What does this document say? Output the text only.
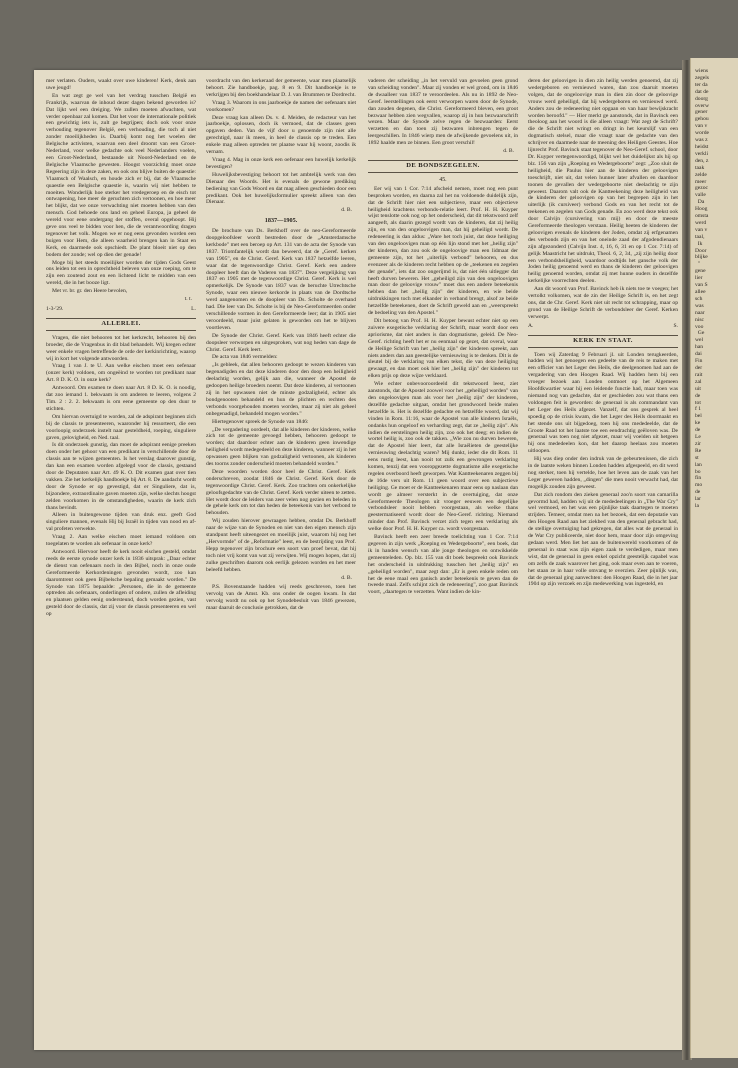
mer verlaten. Ouders, waakt over uwe kinderen! Kerk, denk aan uwe jeugd!

En wat zegt ge wel van het verdrag tusschen België en Frankrijk, waarvan de inhoud dezer dagen bekend geworden is? Dat lijkt wel een dreiging. We zullen moeten afwachten, wat verder openbaar zal komen. Dat het voor de internationale politiek een gewichtig iets is, zult ge begrijpen; doch ook voor onze verhouding tegenover België, een verhouding, die toch al niet zonder moeilijkheden is. Daarbij komt nog het woelen der Belgische activisten, waarvan een deel droomt van een Groot-Nederland, voor welke gedachte ook veel Nederlanders voelen, een Groot-Nederland, bestaande uit Noord-Nederland en de Belgische Vlaamsche gewesten. Hoogst voorzichtig moet onze Regeering zijn in deze zaken, en ook ons blijve buiten de quaestie: Vlaamsch of Waalsch, en houde zich er bij, dat de Vlaamsche quaestie een Belgische quaestie is, waarin wij niet hebben te moeiten. Wonderlijk hoe sterker het vredegeroep en de eisch tot ontwapening, hoe meer de geruchten zich vertoonen, en hoe meer het blijkt, dat we onze verwachting niet moeten hebben van den mensch. God behoede ons land en geheel Europa, ja geheel de wereld voor eene ondergang der stoffen, overal opgehoopt. Hij geve ons veel te bidden voor hen, die de verantwoording dragen tegenover het volk. Mogen we er nog eens gevonden worden een buigen voor Hem, die alleen waarheid brengen kan in Staat en Kerk, en daarmede ook opschiedt. De plant bloeit niet op den bodem der zonde; wel op dien der genade!

Moge bij het steeds moeilijker worden der tijden Gods Geest ons leiden tot een in oprechtheid beleven van onze roeping, om te zijn een zoutend zout en een lichtend licht te midden van een wereld, die in het booze ligt.

Met vr. br. gr. den Heere bevolen,

t. t.
1-3-'29.	L.
ALLERLEI.

Vragen, die niet behooren tot het kerkrecht, behooren bij den broeder, die de Vragenbus in dit blad behandelt. Wij kregen echter weer enkele vragen betreffende de orde der kerkinrichting, waarop wij in kort het volgende antwoorden.

Vraag 1 van J. te U. Aan welke eischen moet een oefenaar (onzer kerk) voldoen, om ongeëind te worden tot predikant naar Art. 8 D. K. O. in onze kerk?

Antwoord. Om examen te doen naar Art. 8 D. K. O. is noodig, dat zoo iemand 1. bekwaam is om anderen te leeren, volgens 2 Tim. 2 : 2. 2. bekwaam is om eene gemeente op den duur te stichten.

Om hiervan overtuigd te worden, zal de adspirant beginnen zich bij de classis te presenteeren, waaronder hij ressorteert, die een voorloopig onderzoek instelt naar gesteldheid, roeping, singuliere gaven, gelovigheid, en Ned. taal.

Is dit onderzoek gunstig, dan moet de adspirant eenige preeken doen onder het gehoor van een predikant in verschillende door de classis aan te wijzen gemeenten. Is het verslag daarover gunstig, dan kan een examen worden afgelegd voor de classis, gestaand door de Deputaten naar Art. 49 K. O. Dit examen gaat over tien vakken. Zie het kerkelijk handboekje bij Art. 8. De aandacht wordt door de Synode er op gevestigd, dat er Singuliere, dat is, bijzondere, extraordinaire gaven moeten zijn, welke slechts hoogst zelden voorkomen in de omstandigheden, waarin de kerk zich thans bevindt.

Alleen in buitengewone tijden van druk enz. geeft God singuliere mannen, evenals Hij bij Israël in tijden van nood en af-val profeten verwekte.

Vraag 2. Aan welke eischen moet iemand voldoen om toegelaten te worden als oefenaar in onze kerk?

Antwoord. Hiervoor heeft de kerk nooit eischen gesteld, omdat reeds de eerste synode onzer kerk in 1836 uitsprak: „Daar echter de dienst van oefenaars noch in den Bijbel, noch in onze oude Gereformeerde Kerkordeningen gevonden wordt, zoo kan daaromtrent ook geen Bijbelsche bepaling gemaakt worden." De Synode van 1875 bepaalde: „Personen, die in de gemeente optreden als oefenaars, onderlingen of ondere, zullen de afleiding en plaatsen gelden eenig ondersteund, doch worden gezien, vast gesteld door de classis, dat zij voor de classis presenteeren en wel op

voordracht van den kerkeraad der gemeente, waar men plaatselijk behoort. Zie handboekje, pag. 8 en 9. Dit handboekje is te verkrijgen bij den boekhandelaar D. J. van Brummen te Dordrecht.

Vraag 3. Waarom in ons jaarboekje de namen der oefenaars niet voorkomen?

Deze vraag kan alleen Ds. v. d. Meiden, de redacteur van het jaarboekje, oplossen, doch ik vermoed, dat de classes geen opgaven deden. Van de vijf door u genoemde zijn niet alle gerechtigd, naar ik meen, in heel de classis op te treden. Een enkele mag alleen optreden ter plaatse waar hij woont, zoodis ik vernam.

Vraag 4. Mag in onze kerk een oefenaar een huwelijk kerkelijk bevestigen?

Huwelijksbevestiging behoort tot het ambtelijk werk van den Dienaar des Woords. Het is evenals de gewone prediking bediening van Gods Woord en dat mag alleen geschieden door een predikant. Ook het huwelijksformulier spreekt alleen van den Dienaar.

d. B.
1837—1905.

De brochure van Ds. Berkhoff over de neo-Gereformeerde doopgeloofsleer wordt bestreden door de „Amsterdamsche kerkbode" met een beroep op Art. 131 van de acta der Synode van 1837. Triomfantelijk wordt dan beweerd, dat de „Geref. kerken van 1905", en de Christ. Geref. Kerk van 1837 hetzelfde leeren, waar dat de tegenwoordige Christ. Geref. Kerk een andere doopleer heeft dan de Vaderen van 1837". Deze vergelijking van 1837 en 1905 met de tegenwoordige Christ. Geref. Kerk is wel opmerkelijk. De Synode van 1837 was de beruchte Utrechtsche Synode, waar een nieuwe kerkorde in plaats van de Dordtsche werd aangenomen en de doopleer van Ds. Scholte de overhand had. Die leer van Ds. Scholte is bij de Neo-Gereformeerden onder verschillende vormen in den Gereformeerde leer; dat in 1905 niet veroordeeld, maar juist gelaten is geworden om het te blijven voortleven.

De Synode der Christ. Geref. Kerk van 1846 heeft echter die doopsleer verworpen en uitgesproken, wat nog heden van dage de Christ. Geref. Kerk leert.

De acta van 1846 vermelden:

„Is gebleek, dat allen behooren gedoopt te wezen kinderen van begenadigden en dat deze kinderen door den doop een heiligheid deelachtig worden, gelijk aan die, wanneer de Apostel de gedoopen heilige broeders noemt. Dat deze kinderen, al vertoonen zij in het opwassen niet de minste godzaligheid, echter als bondgenooten behandeld en hun de plichten en rechten des verbonds voorgehouden moeten worden, maar zij niet als geheel onbegenadigd, behandeld mogen worden."

Hiertegenover spreek de Synode van 1846:

„De vergadering oordeelt, dat alle kinderen der kinderen, welke zich tot de gemeente gevoegd hebben, behooren gedoopt te worden; dat daardoor echter aan de kinderen geen inwendige heiligheid wordt medegedeeld en deze kinderen, wanneer zij in het opwassen geen blijken van godzaligheid vertoonen, als kinderen des toorns zonder onderscheid moeten behandeld worden."

Deze woorden worden door heel de Christ. Geref. Kerk onderschreven, zoodat 1846 de Christ. Geref. Kerk door de tegenwoordige Christ. Geref. Kerk. Zoo trachten om onkerkelijke geloofsgedachte van de Christ. Geref. Kerk verder uiteen te zetten. Het wordt door de leiders van zeer velen nog gezien en beleden in de gehele kerk om tot dan heden de beteekenis van het verbond te behouden.

Wij zouden hierover gewraagen hebben, omdat Ds. Berkhoff naar de wijze van de Synoden en niet van den eigen mensch zijn standpunt heeft uiteengezet en moeilijk juist, waarom hij nog het „Hervormde" of de „Reformatie" leest, en de bestrijding van Prof. Hepp tegenover zijn brochure een soort van proef bevat, dat hij toch niet vrij komt van wat zij verwijten. Wij mogen hopen, dat zij zulke geschriften daarom ook eerlijk gelezen worden en het meer beleefd hebben.

d. B.

P.S. Bovenstaande hadden wij reeds geschreven, toen het vervolg van de Amst. Kb. ons onder de oogen kwam. In dat vervolg wordt nu ook op het Synodebesluit van 1846 gewezen, maar daaruit de conclusie getrokken, dat de

vaderen der scheiding „in het vervuld van gevoelen geen grond van scheiding vonden". Maar zij vonden er wel grond, om in 1846 de dwaalleer van 1837 te veroordeelen. Als nu in 1892 de Neo-Geref. leerstellingen ook eerst verworpen waren door de Synode, dan zouden degenen, die Christ. Gereformeerd bleven, een groot bezwaar hebben zien wegvallen, waarop zij in hun bezwaarschrift wezen. Maar de Synode zelve regen de bezwaarden: Eerst verzetten en dan toen zij bezwaren inbrengen tegen de leergeschillen. In 1846 wierp men de afwijkende gevoelens uit, in 1892 haalde men ze binnen. Een groot verschil!

d. B.
DE BONDSZEGELEN.
45.

Eer wij van 1 Cor. 7:14 afscheid nemen, moet nog een punt besproken worden, en daarna zal het nu voldoende duidelijk zijn, dat de Schrift hier niet een subjectieve, maar een objectieve heiligheid krachtens verbonds-relatie leert. Prof. H. H. Kuyper wijst tenslotte ook nog op het onderscheid, dat dit tekstwoord zelf aangeeft, als daarin gezegd wordt van de kinderen, dat zij heilig zijn, en van den ongeloovigen man, dat hij geheiligd wordt. De redeneering is dan aldus: „Ware het toch juist, dat deze heiliging van den ongeloovigen man op één lijn stond met het „heilig zijn" der kinderen, dan zou ook de ongeloovige man een lidmaat der gemeente zijn, tot het „uiterlijk verbond" behooren, en dus evenzeer als de kinderen recht hebben op de „teekenen en zegelen der genade", iets dat zoo ongerijmd is, dat niet één uitlegger dat heeft durven beweren. Het „geheiligd zijn van den ongeloovigen man door de geloovige vrouw" moet dus een andere beteekenis hebben dan het „heilig zijn" der kinderen, en wie beide uitdrukkingen toch met elkander in verband brengt, alsof ze beide hetzelfde beteekenen, doet de Schrift geweld aan en „weerspreekt de bedoeling van den Apostel."

Dit betoog van Prof. H. H. Kuyper bewust echter niet op een zuivere exegetische verklaring der Schrift, maar wordt door een apriorisme, dat niet anders is dan dogmatisme, geleid. De Neo-Geref. richting heeft het er nu eenmaal op gezet, dat overal, waar de Heilige Schrift van het „heilig zijn" der kinderen spreekt, aan niets anders dan aan geestelijke vernieuwing is te denken. Dit is de sleutel bij de verklaring van elken tekst, die van deze heiliging gewaagt, en dan moet ook hier het „heilig zijn" der kinderen tot elken prijs op deze wijze verklaard.

Wie echter onbevooroordeeld dit tekstwoord leest, ziet aanstonds, dat de Apostel zoowel voor het „geheiligd worden" van den ongeloovigen man als voor het „heilig zijn" der kinderen, dezelfde gedachte uitgaat, omdat het grondwoord beide malen hetzelfde is. Het is dezelfde gedachte en hetzelfde woord, dat wij vinden in Rom. 11:16, waar de Apostel van alle kinderen Israëls, ondanks hun ongeloof en verharding zegt, dat ze „heilig zijn". Als indien de eerstelingen heilig zijn, zoo ook het deeg; en indien de wortel heilig is, zoo ook de takken. „Wie zou nu durven beweren, dat de Apostel hier leert, dat alle Israëlieten de geestelijke vernieuwing deelachtig waren? Mij dunkt, ieder die dit Rom. 11 eens rustig leest, kan nooit tot zulk een gewrongen verklaring komen, tenzij dat een vooropgezette dogmatisme alle exegetische regelen overboord heeft geworpen. Wat Kantteekenaren zeggen bij de 16de vers uit Rom. 11 geen woord over een subjectieve heiliging. Ge moet er de Kantteekenaren maar eens op naslaan dan wordt ge almeer versterkt in de overtuiging, dat onze Gereformeerde Theologen uit vroeger eeuwen een degelijke verbondsleer nooit hebben voorgestaan, als welke thans geestermatiseerd wordt door de Neo-Geref. richting. Niemand minder dan Prof. Bavinck verzet zich tegen een verklaring als welke door Prof. H. H. Kuyper ca. wordt voorgestaan.

Bavinck heeft een zeer breede toelichting van 1 Cor. 7:14 gegeven in zijn werk „Roeping en Wedergeboorte", een boek, dat ik in handen wensch van alle jonge theologen en ontwikkelde gemeenteleden. Op. blz. 155 van dit boek bespreekt ook Bavinck het onderscheid in uitdrukking tusschen het „heilig zijn" en „geheiligd worden", maar zegt dan: „Er is geen enkele reden om het de eene maal een ganisch ander beteekenis te geven dan de tweede maal. Zelfs schijnt zich de redeneering", zoo gaat Bavinck voort, „daartegen te verzetten. Want indien de kin-

deren der geloovigen in dien zin heilig werden genoemd, dat zij wedergeboren en vernieuwd waren, dan zou daaruit moeten volgen, dat de ongeloovige man in dien zin door de geloovige vrouw werd geheiligd, dat hij wedergeboren en vernieuwd werd. Anders zou de redeneering niet opgaan en van haar bewijskracht worden beroofd." — Hier merkt ge aanstonds, dat in Bavinck een theoloog aan het woord is die alleen vraagt: Wat zegt de Schrift? die de Schrift niet wringt en dringt in het keurslijf van een dogmatisch stelsel, maar die vraagt naar de gedachte van den schrijver en daarmede naar de meening des Heiligen Geestes. Hoe lijnrecht Prof. Bavinck staat tegenover de Neo-Geref. school, door Dr. Kuyper vertegenwoordigd, blijkt wel het duidelijkst als hij op blz. 156 van zijn „Roeping en Wedergeboorte" zegt: „Zoo sluit de heiligheid, die Paulus hier aan de kinderen der geloovigen toeschrijft, niet uit, dat velen hunner later afvallen en daardoor toonen de gevallen der wedergeboorte niet deelachtig te zijn geweest. Daarom valt ook de Kantteekening deze heiligheid van de kinderen der geloovigen op van het begrepen zijn in het uiterlijk (ik cursiveer) verbond Gods en van het recht tot de teekenen en zegelen van Gods genade. En zoo werd deze tekst ook door Calvijn (cursivering van mij) en door de meeste Gereformeerde theologen verstaan. Heilig heeten de kinderen der geloovigen evenals de kinderen der Joden, omdat zij erfgenamen des verbonds zijn en van het oneinde zaad der afgodendienaars zijn afgezonderd (Calvijn Inst. 4, 16, 6, 31 en op 1 Cor. 7:14) of gelijk Maastricht het uitdrukt, Theol. 6, 2, 34, „zij zijn heilig door een verbondsheiligheid, waardoor oodtijds het gansche volk der Joden heilig genoemd werd en thans de kinderen der geloovigen heilig genoemd worden, omdat zij met hunne ouders in dezelfde kerkelijke voorrechten deelen.

Aan dit woord van Prof. Bavinck heb ik niets toe te voegen; het vertolkt volkomen, wat de zin der Heilige Schrift is, en het zegt ons, dat de Chr. Geref. Kerk niet uit recht tot schrapping, maar op grond van de Heilige Schrift de verbondsleer der Geref. Kerken verwerpt.

A.	S.
KERK EN STAAT.

Toen wij Zaterdag 9 Februari jl. uit Londen terugkeerden, hadden wij het genoegen een gedeelte van de reis te maken met een officier van het Leger des Heils, die deelgenomen had aan de vergadering van den Hoogen Raad. Wij hadden hem bij een vroeger bezoek aan Londen ontmoet op het Algemeen Hoofdkwartier waar hij een leidende functie had, maar toen was niemand nog van gedachte, dat er geschieden zou wat thans een voldongen feit is geworden: de generaal is als commandant van het Leger des Heils afgezet. Vanzelf, dat ons gesprek al heel spoedig op de crisis kwam, die het Leger des Heils doormaakt en het stende ons uit bijgedoeg, toen hij ons mededeelde, dat de Groote Raad tot het laatste toe een eendrachtig geëloven was. De generaal was toen nog niet afgezet, maar wij voelden uit hetgeen hij ons mededeelen kon, dat het daarop heelaas zou moeten uitloopen.

Hij was diep onder den indruk van de gebeurtenissen, die zich in de laatste weken binnen Londen hadden afgespeeld, en dit werd nog sterker, toen hij vertelde, hoe het leven aan de zaak van het Leger geweven hadden, „dingen" die men nooit verwacht had, dat mogelijk zouden zijn geweest.

Dat zich rondom den zieken generaal zoo'n soort van camarilla gevormd had, hadden wij uit de mededeelingen in „The War Cry" wel vermoed, en het was een pijnlijke taak daartegen te moeten strijden. Temeer, omdat men na het bezoek, dat een deputatie van den Hoogen Raad aan het ziekbed van den generaal gebracht had, de stellige overtuiging had gekregen, dat alles wat de generaal in de War Cry publiceerde, niet door hem, maar door zijn omgeving gedaan werd. Men liet het aan de buitenwereld voorkomen of de generaal in staat was zijn eigen zaak te verdedigen, maar men wist, dat de generaal in geen enkel opzicht geestelijk capabel was om zelfs de zaak waarover het ging, ook maar even aan te voeren, het staan ze in haar volle omvang te overzien. Zeer pijnlijk was, dat de generaal ging aanvechten: den Hoogen Raad, die in het jaar 1904 op zijn verzoek en zijn medewerking was ingesteld, en

wiens
zegels
ter da
dat de
doorg
overw
gener
gehou
van v
worde
was z
heidst
verkli
den, z
taak
zelde
meer
gezoc
valle
Da
Hoog
omsta
werd
van v
taal,
Ik
Door
blijke
"
gene
lier
van S
allee
sch
was
naar
nisc
voo
Ge
wel
han
dai
Fin
der
rait
zal
uit
de
tot
f 1
bel
ke
de
Le
zir
Re
st
lan
bo
fin
mo
de
lar
la
